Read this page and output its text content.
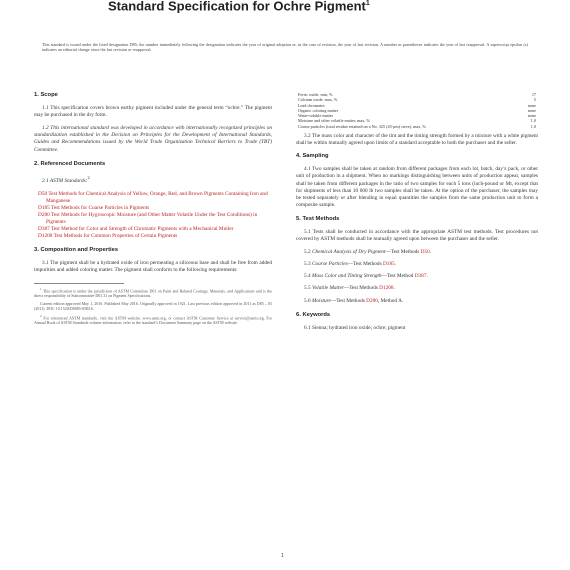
Standard Specification for Ochre Pigment$^1$
This standard is issued under the fixed designation D85; the number immediately following the designation indicates the year of original adoption or, in the case of revision, the year of last revision. A number in parentheses indicates the year of last reapproval. A superscript epsilon (ε) indicates an editorial change since the last revision or reapproval.
1. Scope

1.1 This specification covers brown earthy pigment included under the general term “ochre.” The pigment may be purchased in the dry form.

1.2 This international standard was developed in accordance with internationally recognized principles on standardization established in the Decision on Principles for the Development of International Standards, Guides and Recommendations issued by the World Trade Organization Technical Barriers to Trade (TBT) Committee.

2. Referenced Documents

2.1 ASTM Standards:$^2$

D50 Test Methods for Chemical Analysis of Yellow, Orange, Red, and Brown Pigments Containing Iron and Manganese
D185 Test Methods for Coarse Particles in Pigments
D280 Test Methods for Hygroscopic Moisture (and Other Matter Volatile Under the Test Conditions) in Pigments
D387 Test Method for Color and Strength of Chromatic Pigments with a Mechanical Muller
D1208 Test Methods for Common Properties of Certain Pigments
3. Composition and Properties

3.1 The pigment shall be a hydrated oxide of iron permeating a siliceous base and shall be free from added impurities and added coloring matter. The pigment shall conform to the following requirements:

$^1$ This specification is under the jurisdiction of ASTM Committee D01 on Paint and Related Coatings, Materials, and Applications and is the direct responsibility of Subcommittee D01.31 on Pigment Specifications.
Current edition approved May 1, 2016. Published May 2016. Originally approved in 1921. Last previous edition approved in 2011 as D85 – 05 (2011). DOI: 10.1520/D0085-05R16.
$^2$ For referenced ASTM standards, visit the ASTM website, www.astm.org, or contact ASTM Customer Service at service@astm.org. For Annual Book of ASTM Standards volume information, refer to the standard’s Document Summary page on the ASTM website.
Ferric oxide, min, %	17
Calcium oxide, max, %	5
Lead chromates	none
Organic coloring matter	none
Water-soluble matter	none
Moisture and other volatile matter, max, %	1.0
Coarse particles (total residue retained on a No. 325 (45-μm) sieve), max, %	1.0

3.2 The mass color and character of the tint and the tinting strength formed by a mixture with a white pigment shall be within mutually agreed upon limits of a standard acceptable to both the purchaser and the seller.

4. Sampling

4.1 Two samples shall be taken at random from different packages from each lot, batch, day’s pack, or other unit of production in a shipment. When no markings distinguishing between units of production appear, samples shall be taken from different packages in the ratio of two samples for each 5 tons (inch-pound or Mt, except that for shipments of less than 10 000 lb two samples shall be taken. At the option of the purchaser, the samples may be tested separately or after blending in equal quantities the samples from the same production unit to form a composite sample.

5. Test Methods

5.1 Tests shall be conducted in accordance with the appropriate ASTM test methods. Test procedures not covered by ASTM methods shall be mutually agreed upon between the purchaser and the seller.

5.2 Chemical Analysis of Dry Pigment—Test Methods D50.

5.3 Coarse Particles—Test Methods D185.

5.4 Mass Color and Tinting Strength—Test Method D387.

5.5 Volatile Matter—Test Methods D1208.

5.6 Moisture—Test Methods D280, Method A.

6. Keywords

6.1 Sienna; hydrated iron oxide; ochre; pigment

1
